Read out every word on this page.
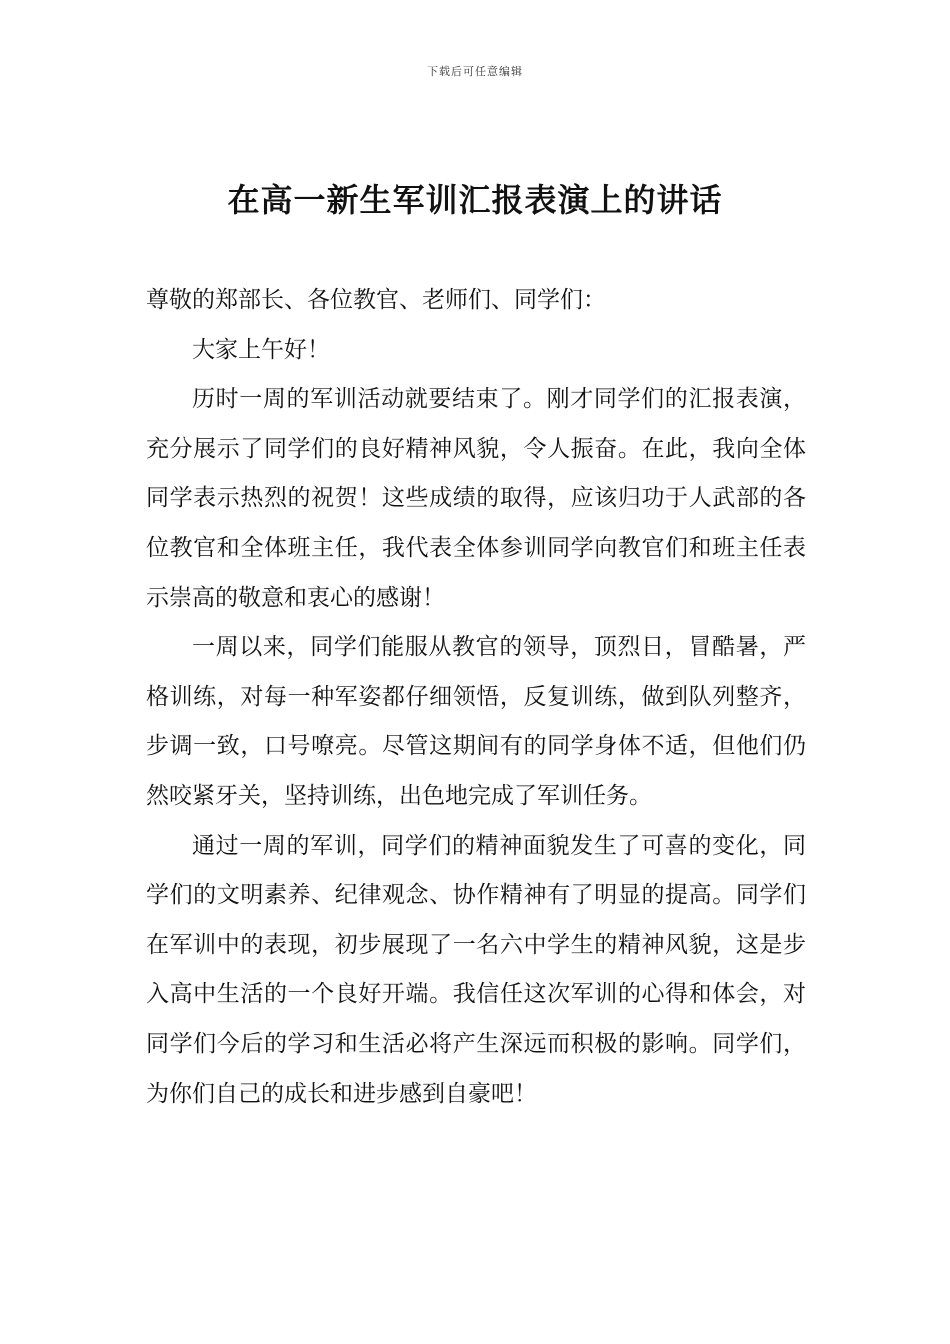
下载后可任意编辑
在高一新生军训汇报表演上的讲话

尊敬的郑部长、各位教官、老师们、同学们：

大家上午好！

历时一周的军训活动就要结束了。刚才同学们的汇报表演，充分展示了同学们的良好精神风貌，令人振奋。在此，我向全体同学表示热烈的祝贺！这些成绩的取得，应该归功于人武部的各位教官和全体班主任，我代表全体参训同学向教官们和班主任表示崇高的敬意和衷心的感谢！

一周以来，同学们能服从教官的领导，顶烈日，冒酷暑，严格训练，对每一种军姿都仔细领悟，反复训练，做到队列整齐，步调一致，口号嘹亮。尽管这期间有的同学身体不适，但他们仍然咬紧牙关，坚持训练，出色地完成了军训任务。

通过一周的军训，同学们的精神面貌发生了可喜的变化，同学们的文明素养、纪律观念、协作精神有了明显的提高。同学们在军训中的表现，初步展现了一名六中学生的精神风貌，这是步入高中生活的一个良好开端。我信任这次军训的心得和体会，对同学们今后的学习和生活必将产生深远而积极的影响。同学们，为你们自己的成长和进步感到自豪吧！
